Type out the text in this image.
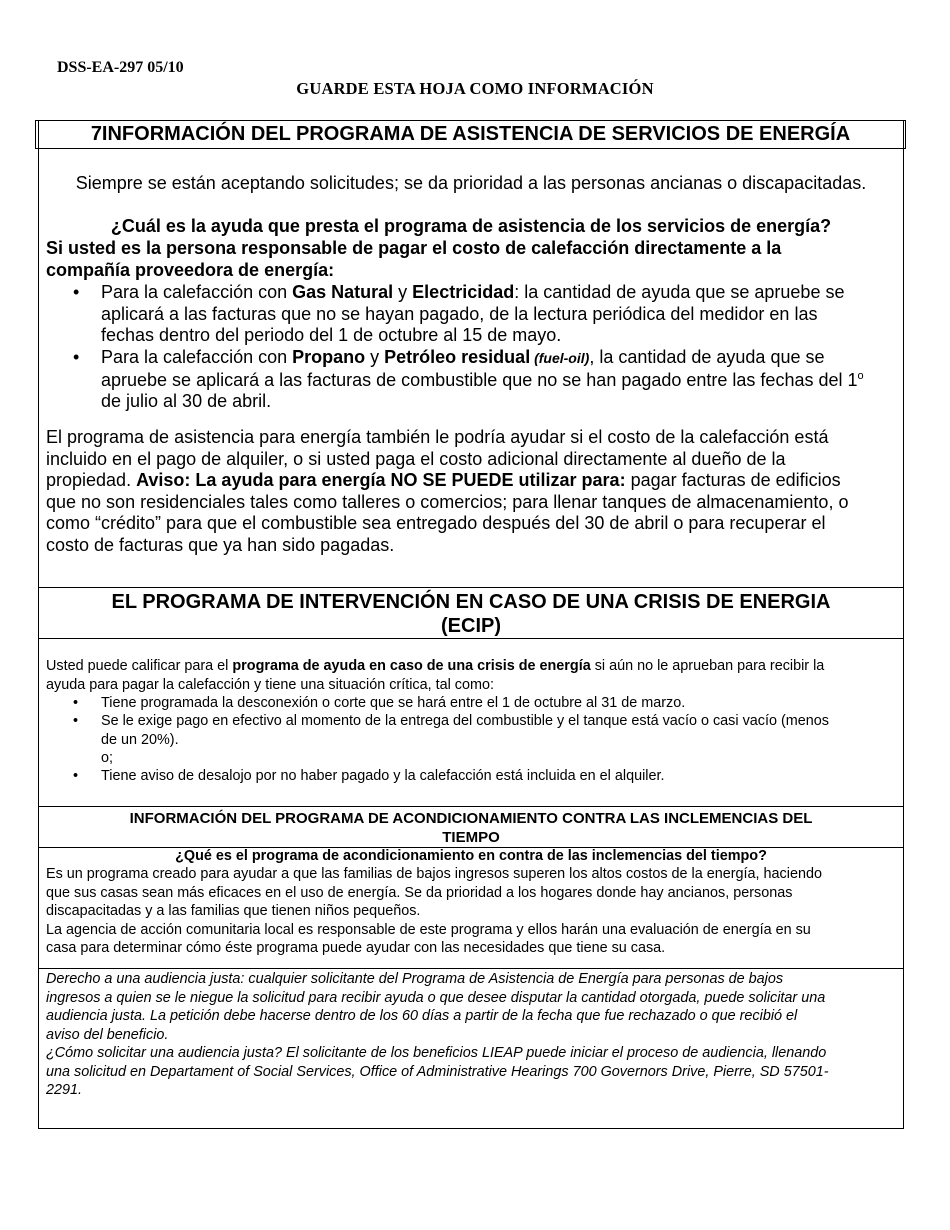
DSS-EA-297 05/10
GUARDE ESTA HOJA COMO INFORMACIÓN
7INFORMACIÓN DEL PROGRAMA DE ASISTENCIA DE SERVICIOS DE ENERGÍA

Siempre se están aceptando solicitudes; se da prioridad a las personas ancianas o discapacitadas.

¿Cuál es la ayuda que presta el programa de asistencia de los servicios de energía?

Si usted es la persona responsable de pagar el costo de calefacción directamente a la

compañía proveedora de energía:

• Para la calefacción con Gas Natural y Electricidad: la cantidad de ayuda que se apruebe se
aplicará a las facturas que no se hayan pagado, de la lectura periódica del medidor en las
fechas dentro del periodo del 1 de octubre al 15 de mayo.
• Para la calefacción con Propano y Petróleo residual (fuel-oil), la cantidad de ayuda que se
apruebe se aplicará a las facturas de combustible que no se han pagado entre las fechas del 1$^o$
de julio al 30 de abril.
El programa de asistencia para energía también le podría ayudar si el costo de la calefacción está
incluido en el pago de alquiler, o si usted paga el costo adicional directamente al dueño de la
propiedad. Aviso: La ayuda para energía NO SE PUEDE utilizar para: pagar facturas de edificios
que no son residenciales tales como talleres o comercios; para llenar tanques de almacenamiento, o
como “crédito” para que el combustible sea entregado después del 30 de abril o para recuperar el
costo de facturas que ya han sido pagadas.
EL PROGRAMA DE INTERVENCIÓN EN CASO DE UNA CRISIS DE ENERGIA
(ECIP)
Usted puede calificar para el programa de ayuda en caso de una crisis de energía si aún no le aprueban para recibir la
ayuda para pagar la calefacción y tiene una situación crítica, tal como:
• Tiene programada la desconexión o corte que se hará entre el 1 de octubre al 31 de marzo.
• Se le exige pago en efectivo al momento de la entrega del combustible y el tanque está vacío o casi vacío (menos
de un 20%).
o;
• Tiene aviso de desalojo por no haber pagado y la calefacción está incluida en el alquiler.
INFORMACIÓN DEL PROGRAMA DE ACONDICIONAMIENTO CONTRA LAS INCLEMENCIAS DEL
TIEMPO
¿Qué es el programa de acondicionamiento en contra de las inclemencias del tiempo?
Es un programa creado para ayudar a que las familias de bajos ingresos superen los altos costos de la energía, haciendo
que sus casas sean más eficaces en el uso de energía. Se da prioridad a los hogares donde hay ancianos, personas
discapacitadas y a las familias que tienen niños pequeños.
La agencia de acción comunitaria local es responsable de este programa y ellos harán una evaluación de energía en su
casa para determinar cómo éste programa puede ayudar con las necesidades que tiene su casa.
Derecho a una audiencia justa: cualquier solicitante del Programa de Asistencia de Energía para personas de bajos
ingresos a quien se le niegue la solicitud para recibir ayuda o que desee disputar la cantidad otorgada, puede solicitar una
audiencia justa. La petición debe hacerse dentro de los 60 días a partir de la fecha que fue rechazado o que recibió el
aviso del beneficio.
¿Cómo solicitar una audiencia justa? El solicitante de los beneficios LIEAP puede iniciar el proceso de audiencia, llenando
una solicitud en Departament of Social Services, Office of Administrative Hearings 700 Governors Drive, Pierre, SD 57501-
2291.
